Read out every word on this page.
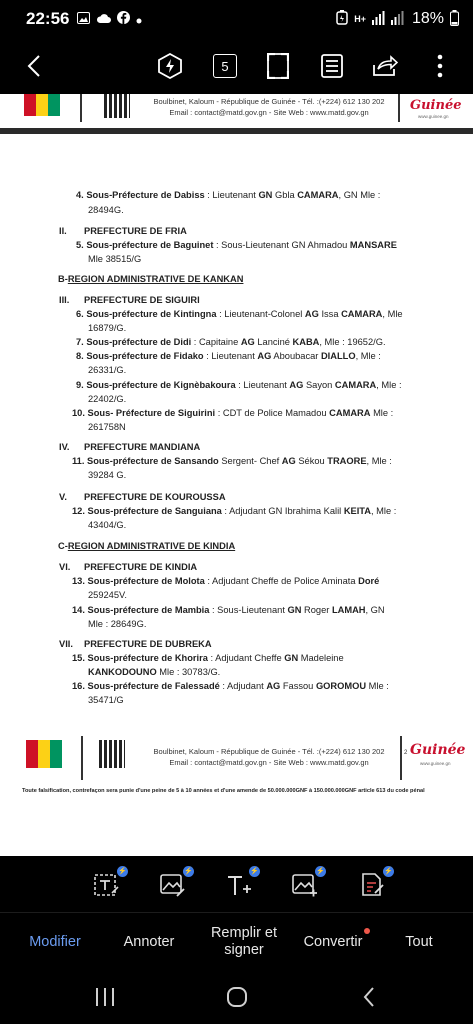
22:56	H+	18%
5
Boulbinet, Kaloum - République de Guinée - Tél. :(+224) 612 130 202
Email : contact@matd.gov.gn - Site Web : www.matd.gov.gn	Guinée
www.guinee.gn
4. Sous-Préfecture de Dabiss : Lieutenant GN Gbla CAMARA, GN Mle :
28494G.
II. PREFECTURE DE FRIA
5. Sous-préfecture de Baguinet : Sous-Lieutenant GN Ahmadou MANSARE
Mle 38515/G
B-REGION ADMINISTRATIVE DE KANKAN
III. PREFECTURE DE SIGUIRI
6. Sous-préfecture de Kintingna : Lieutenant-Colonel AG Issa CAMARA, Mle
16879/G.
7. Sous-préfecture de Didi : Capitaine AG Lanciné KABA, Mle : 19652/G.
8. Sous-préfecture de Fidako : Lieutenant AG Aboubacar DIALLO, Mle :
26331/G.
9. Sous-préfecture de Kignèbakoura : Lieutenant AG Sayon CAMARA, Mle :
22402/G.
10. Sous- Préfecture de Siguirini : CDT de Police Mamadou CAMARA Mle :
261758N
IV. PREFECTURE MANDIANA
11. Sous-préfecture de Sansando Sergent- Chef AG Sékou TRAORE, Mle :
39284 G.
V. PREFECTURE DE KOUROUSSA
12. Sous-préfecture de Sanguiana : Adjudant GN Ibrahima Kalil KEITA, Mle :
43404/G.
C-REGION ADMINISTRATIVE DE KINDIA
VI. PREFECTURE DE KINDIA
13. Sous-préfecture de Molota : Adjudant Cheffe de Police Aminata Doré
259245V.
14. Sous-préfecture de Mambia : Sous-Lieutenant GN Roger LAMAH, GN
Mle : 28649G.
VII. PREFECTURE DE DUBREKA
15. Sous-préfecture de Khorira : Adjudant Cheffe GN Madeleine
KANKODOUNO Mle : 30783/G.
16. Sous-préfecture de Falessadé : Adjudant AG Fassou GOROMOU Mle :
35471/G
Boulbinet, Kaloum - République de Guinée - Tél. :(+224) 612 130 202
Email : contact@matd.gov.gn - Site Web : www.matd.gov.gn
2 Guinée
www.guinee.gn
Toute falsification, contrefaçon sera punie d'une peine de 5 à 10 années et d'une amende de 50.000.000GNF à 150.000.000GNF article 613 du code pénal
⚡	⚡	⚡	⚡	⚡
Modifier	Annoter
Remplir et signer
Convertir	Tout
